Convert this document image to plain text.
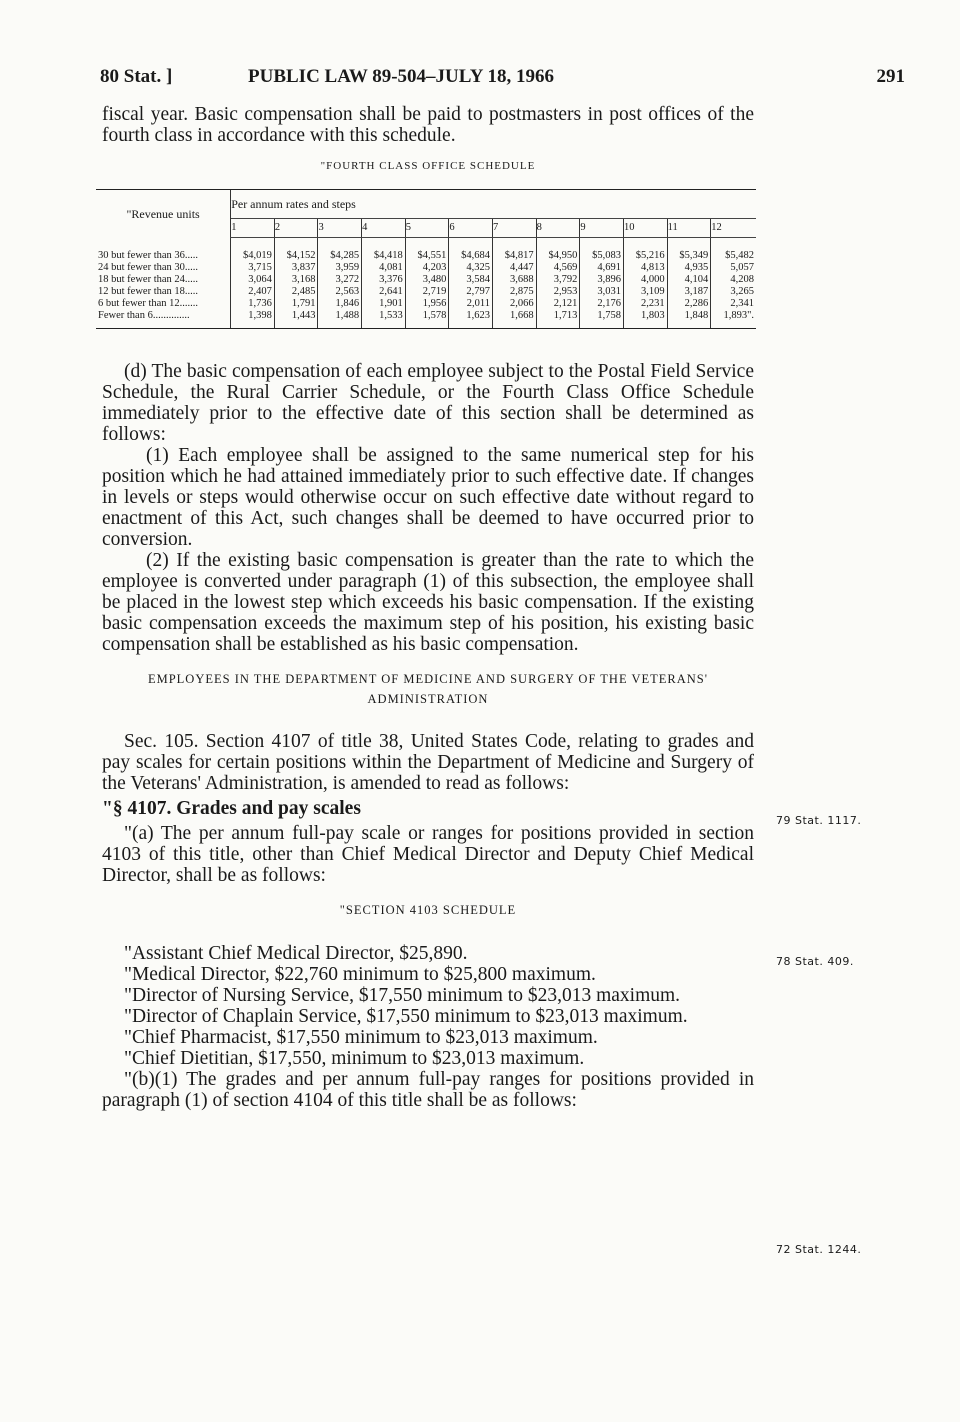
80 Stat. ]	PUBLIC LAW 89-504–JULY 18, 1966	291

fiscal year. Basic compensation shall be paid to postmasters in post offices of the fourth class in accordance with this schedule.

"FOURTH CLASS OFFICE SCHEDULE
"Revenue units	Per annum rates and steps											
	1	2	3	4	5	6	7	8	9	10	11	12
30 but fewer than 36.....	$4,019	$4,152	$4,285	$4,418	$4,551	$4,684	$4,817	$4,950	$5,083	$5,216	$5,349	$5,482
24 but fewer than 30.....	3,715	3,837	3,959	4,081	4,203	4,325	4,447	4,569	4,691	4,813	4,935	5,057
18 but fewer than 24.....	3,064	3,168	3,272	3,376	3,480	3,584	3,688	3,792	3,896	4,000	4,104	4,208
12 but fewer than 18.....	2,407	2,485	2,563	2,641	2,719	2,797	2,875	2,953	3,031	3,109	3,187	3,265
6 but fewer than 12.......	1,736	1,791	1,846	1,901	1,956	2,011	2,066	2,121	2,176	2,231	2,286	2,341
Fewer than 6..............	1,398	1,443	1,488	1,533	1,578	1,623	1,668	1,713	1,758	1,803	1,848	1,893".

(d) The basic compensation of each employee subject to the Postal Field Service Schedule, the Rural Carrier Schedule, or the Fourth Class Office Schedule immediately prior to the effective date of this section shall be determined as follows:

(1) Each employee shall be assigned to the same numerical step for his position which he had attained immediately prior to such effective date. If changes in levels or steps would otherwise occur on such effective date without regard to enactment of this Act, such changes shall be deemed to have occurred prior to conversion.

(2) If the existing basic compensation is greater than the rate to which the employee is converted under paragraph (1) of this subsection, the employee shall be placed in the lowest step which exceeds his basic compensation. If the existing basic compensation exceeds the maximum step of his position, his existing basic compensation shall be established as his basic compensation.

EMPLOYEES IN THE DEPARTMENT OF MEDICINE AND SURGERY OF THE VETERANS' ADMINISTRATION

Sec. 105. Section 4107 of title 38, United States Code, relating to grades and pay scales for certain positions within the Department of Medicine and Surgery of the Veterans' Administration, is amended to read as follows:

"§ 4107. Grades and pay scales

"(a) The per annum full-pay scale or ranges for positions provided in section 4103 of this title, other than Chief Medical Director and Deputy Chief Medical Director, shall be as follows:

"SECTION 4103 SCHEDULE

"Assistant Chief Medical Director, $25,890.

"Medical Director, $22,760 minimum to $25,800 maximum.

"Director of Nursing Service, $17,550 minimum to $23,013 maximum.

"Director of Chaplain Service, $17,550 minimum to $23,013 maximum.

"Chief Pharmacist, $17,550 minimum to $23,013 maximum.

"Chief Dietitian, $17,550, minimum to $23,013 maximum.

"(b)(1) The grades and per annum full-pay ranges for positions provided in paragraph (1) of section 4104 of this title shall be as follows:

79 Stat. 1117.
78 Stat. 409.
72 Stat. 1244.
